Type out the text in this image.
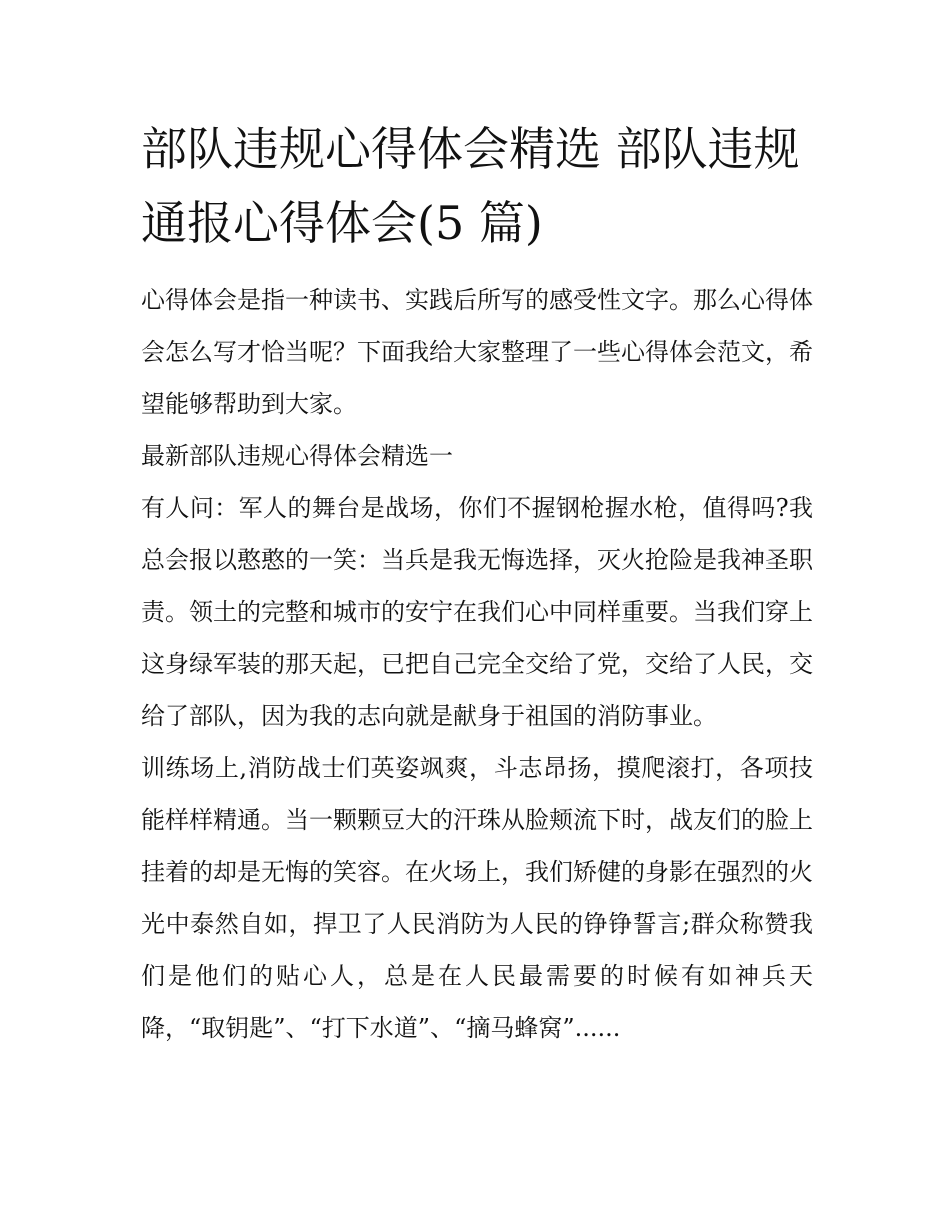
部队违规心得体会精选 部队违规通报心得体会(5 篇)

心得体会是指一种读书、实践后所写的感受性文字。那么心得体会怎么写才恰当呢？下面我给大家整理了一些心得体会范文，希望能够帮助到大家。

最新部队违规心得体会精选一

有人问：军人的舞台是战场，你们不握钢枪握水枪，值得吗?我总会报以憨憨的一笑：当兵是我无悔选择，灭火抢险是我神圣职责。领土的完整和城市的安宁在我们心中同样重要。当我们穿上这身绿军装的那天起，已把自己完全交给了党，交给了人民，交给了部队，因为我的志向就是献身于祖国的消防事业。

训练场上,消防战士们英姿飒爽，斗志昂扬，摸爬滚打，各项技能样样精通。当一颗颗豆大的汗珠从脸颊流下时，战友们的脸上挂着的却是无悔的笑容。在火场上，我们矫健的身影在强烈的火光中泰然自如，捍卫了人民消防为人民的铮铮誓言;群众称赞我们是他们的贴心人，总是在人民最需要的时候有如神兵天降，“取钥匙”、“打下水道”、“摘马蜂窝”......
